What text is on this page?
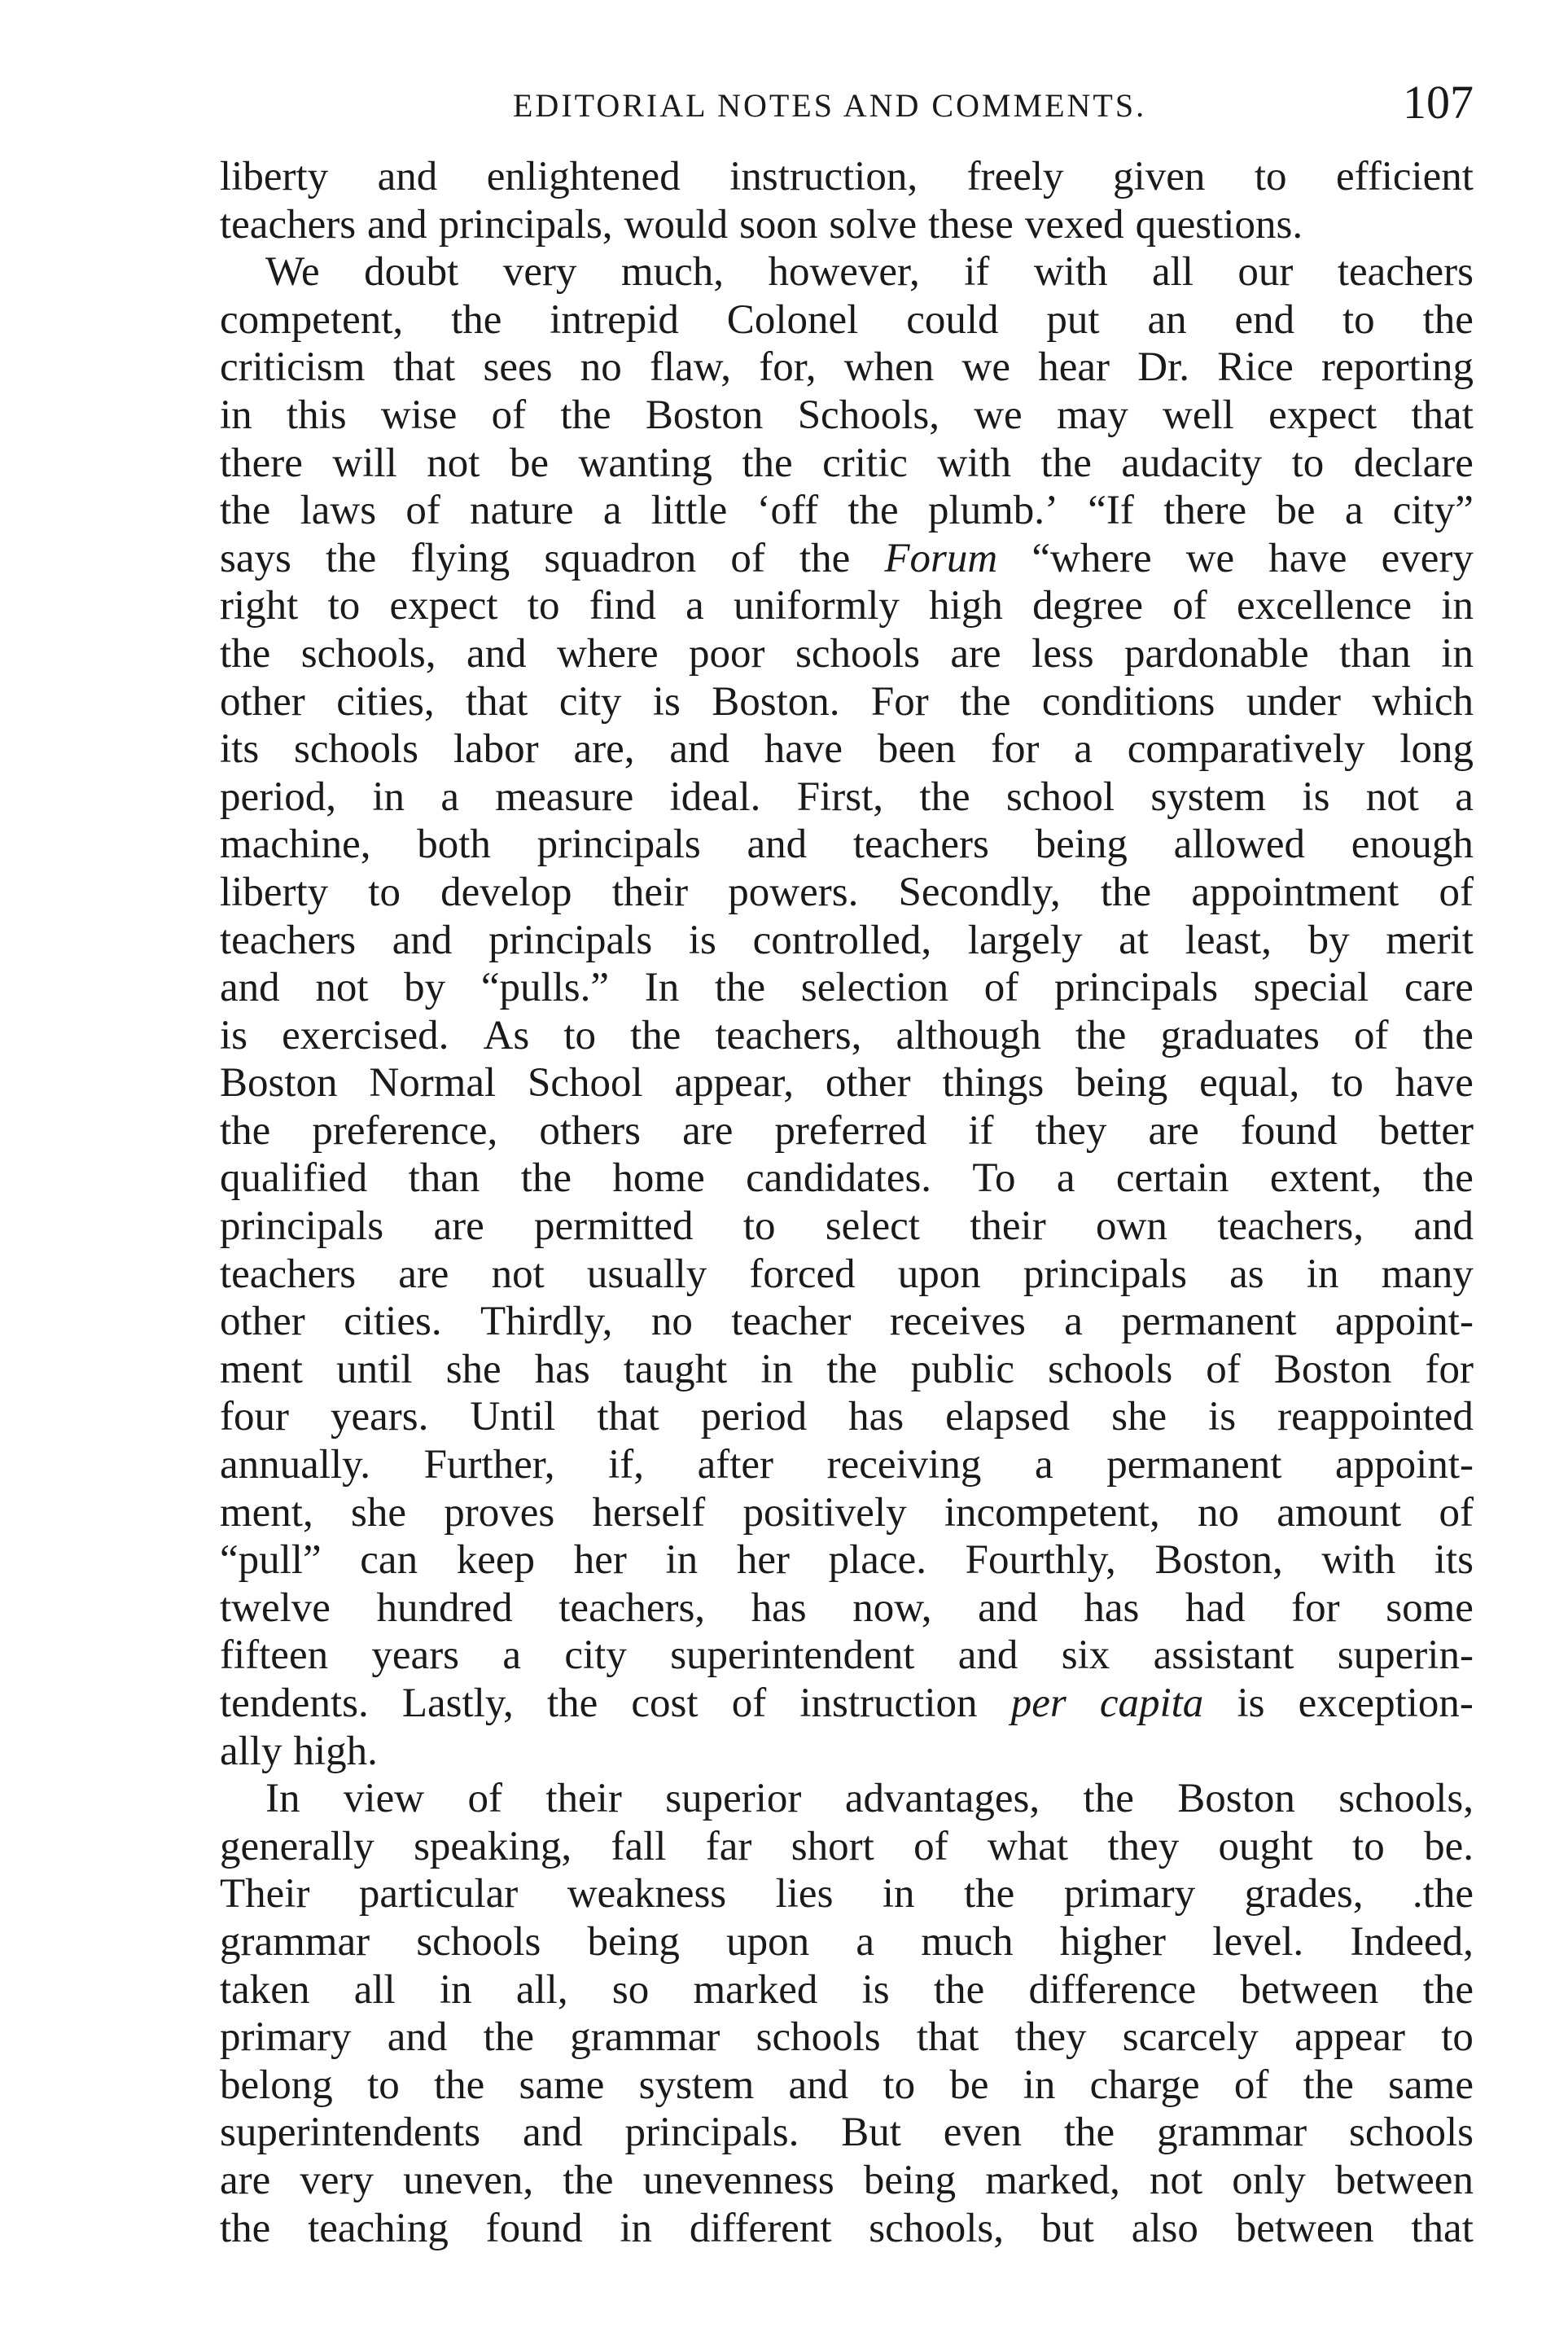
EDITORIAL NOTES AND COMMENTS.	107
liberty and enlightened instruction, freely given to efficient
teachers and principals, would soon solve these vexed questions.
We doubt very much, however, if with all our teachers
competent, the intrepid Colonel could put an end to the
criticism that sees no flaw, for, when we hear Dr. Rice reporting
in this wise of the Boston Schools, we may well expect that
there will not be wanting the critic with the audacity to declare
the laws of nature a little ‘off the plumb.’ “If there be a city”
says the flying squadron of the Forum “where we have every
right to expect to find a uniformly high degree of excellence in
the schools, and where poor schools are less pardonable than in
other cities, that city is Boston. For the conditions under which
its schools labor are, and have been for a comparatively long
period, in a measure ideal. First, the school system is not a
machine, both principals and teachers being allowed enough
liberty to develop their powers. Secondly, the appointment of
teachers and principals is controlled, largely at least, by merit
and not by “pulls.” In the selection of principals special care
is exercised. As to the teachers, although the graduates of the
Boston Normal School appear, other things being equal, to have
the preference, others are preferred if they are found better
qualified than the home candidates. To a certain extent, the
principals are permitted to select their own teachers, and
teachers are not usually forced upon principals as in many
other cities. Thirdly, no teacher receives a permanent appoint-
ment until she has taught in the public schools of Boston for
four years. Until that period has elapsed she is reappointed
annually. Further, if, after receiving a permanent appoint-
ment, she proves herself positively incompetent, no amount of
“pull” can keep her in her place. Fourthly, Boston, with its
twelve hundred teachers, has now, and has had for some
fifteen years a city superintendent and six assistant superin-
tendents. Lastly, the cost of instruction per capita is exception-
ally high.
In view of their superior advantages, the Boston schools,
generally speaking, fall far short of what they ought to be.
Their particular weakness lies in the primary grades, .the
grammar schools being upon a much higher level. Indeed,
taken all in all, so marked is the difference between the
primary and the grammar schools that they scarcely appear to
belong to the same system and to be in charge of the same
superintendents and principals. But even the grammar schools
are very uneven, the unevenness being marked, not only between
the teaching found in different schools, but also between that
